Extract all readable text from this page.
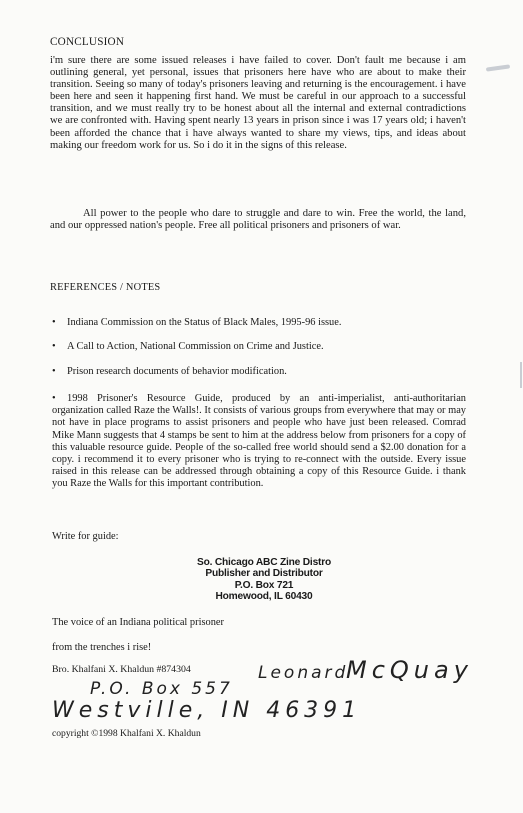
CONCLUSION
i'm sure there are some issued releases i have failed to cover. Don't fault me because i am outlining general, yet personal, issues that prisoners here have who are about to make their transition. Seeing so many of today's prisoners leaving and returning is the encouragement. i have been here and seen it happening first hand. We must be careful in our approach to a successful transition, and we must really try to be honest about all the internal and external contradictions we are confronted with. Having spent nearly 13 years in prison since i was 17 years old; i haven't been afforded the chance that i have always wanted to share my views, tips, and ideas about making our freedom work for us. So i do it in the signs of this release.
All power to the people who dare to struggle and dare to win. Free the world, the land, and our oppressed nation's people. Free all political prisoners and prisoners of war.
REFERENCES / NOTES
• Indiana Commission on the Status of Black Males, 1995-96 issue.
• A Call to Action, National Commission on Crime and Justice.
• Prison research documents of behavior modification.
•	1998 Prisoner's Resource Guide, produced by an anti-imperialist, anti-authoritarian organization called Raze the Walls!. It consists of various groups from everywhere that may or may not have in place programs to assist prisoners and people who have just been released. Comrad Mike Mann suggests that 4 stamps be sent to him at the address below from prisoners for a copy of this valuable resource guide. People of the so-called free world should send a $2.00 donation for a copy. i recommend it to every prisoner who is trying to re-connect with the outside. Every issue raised in this release can be addressed through obtaining a copy of this Resource Guide. i thank you Raze the Walls for this important contribution.
Write for guide:
So. Chicago ABC Zine Distro
Publisher and Distributor
P.O. Box 721
Homewood, IL 60430
The voice of an Indiana political prisoner
from the trenches i rise!
Bro. Khalfani X. Khaldun #874304	Leonard
McQuay
P.O. Box 557
Westville, IN 46391
copyright ©1998 Khalfani X. Khaldun
